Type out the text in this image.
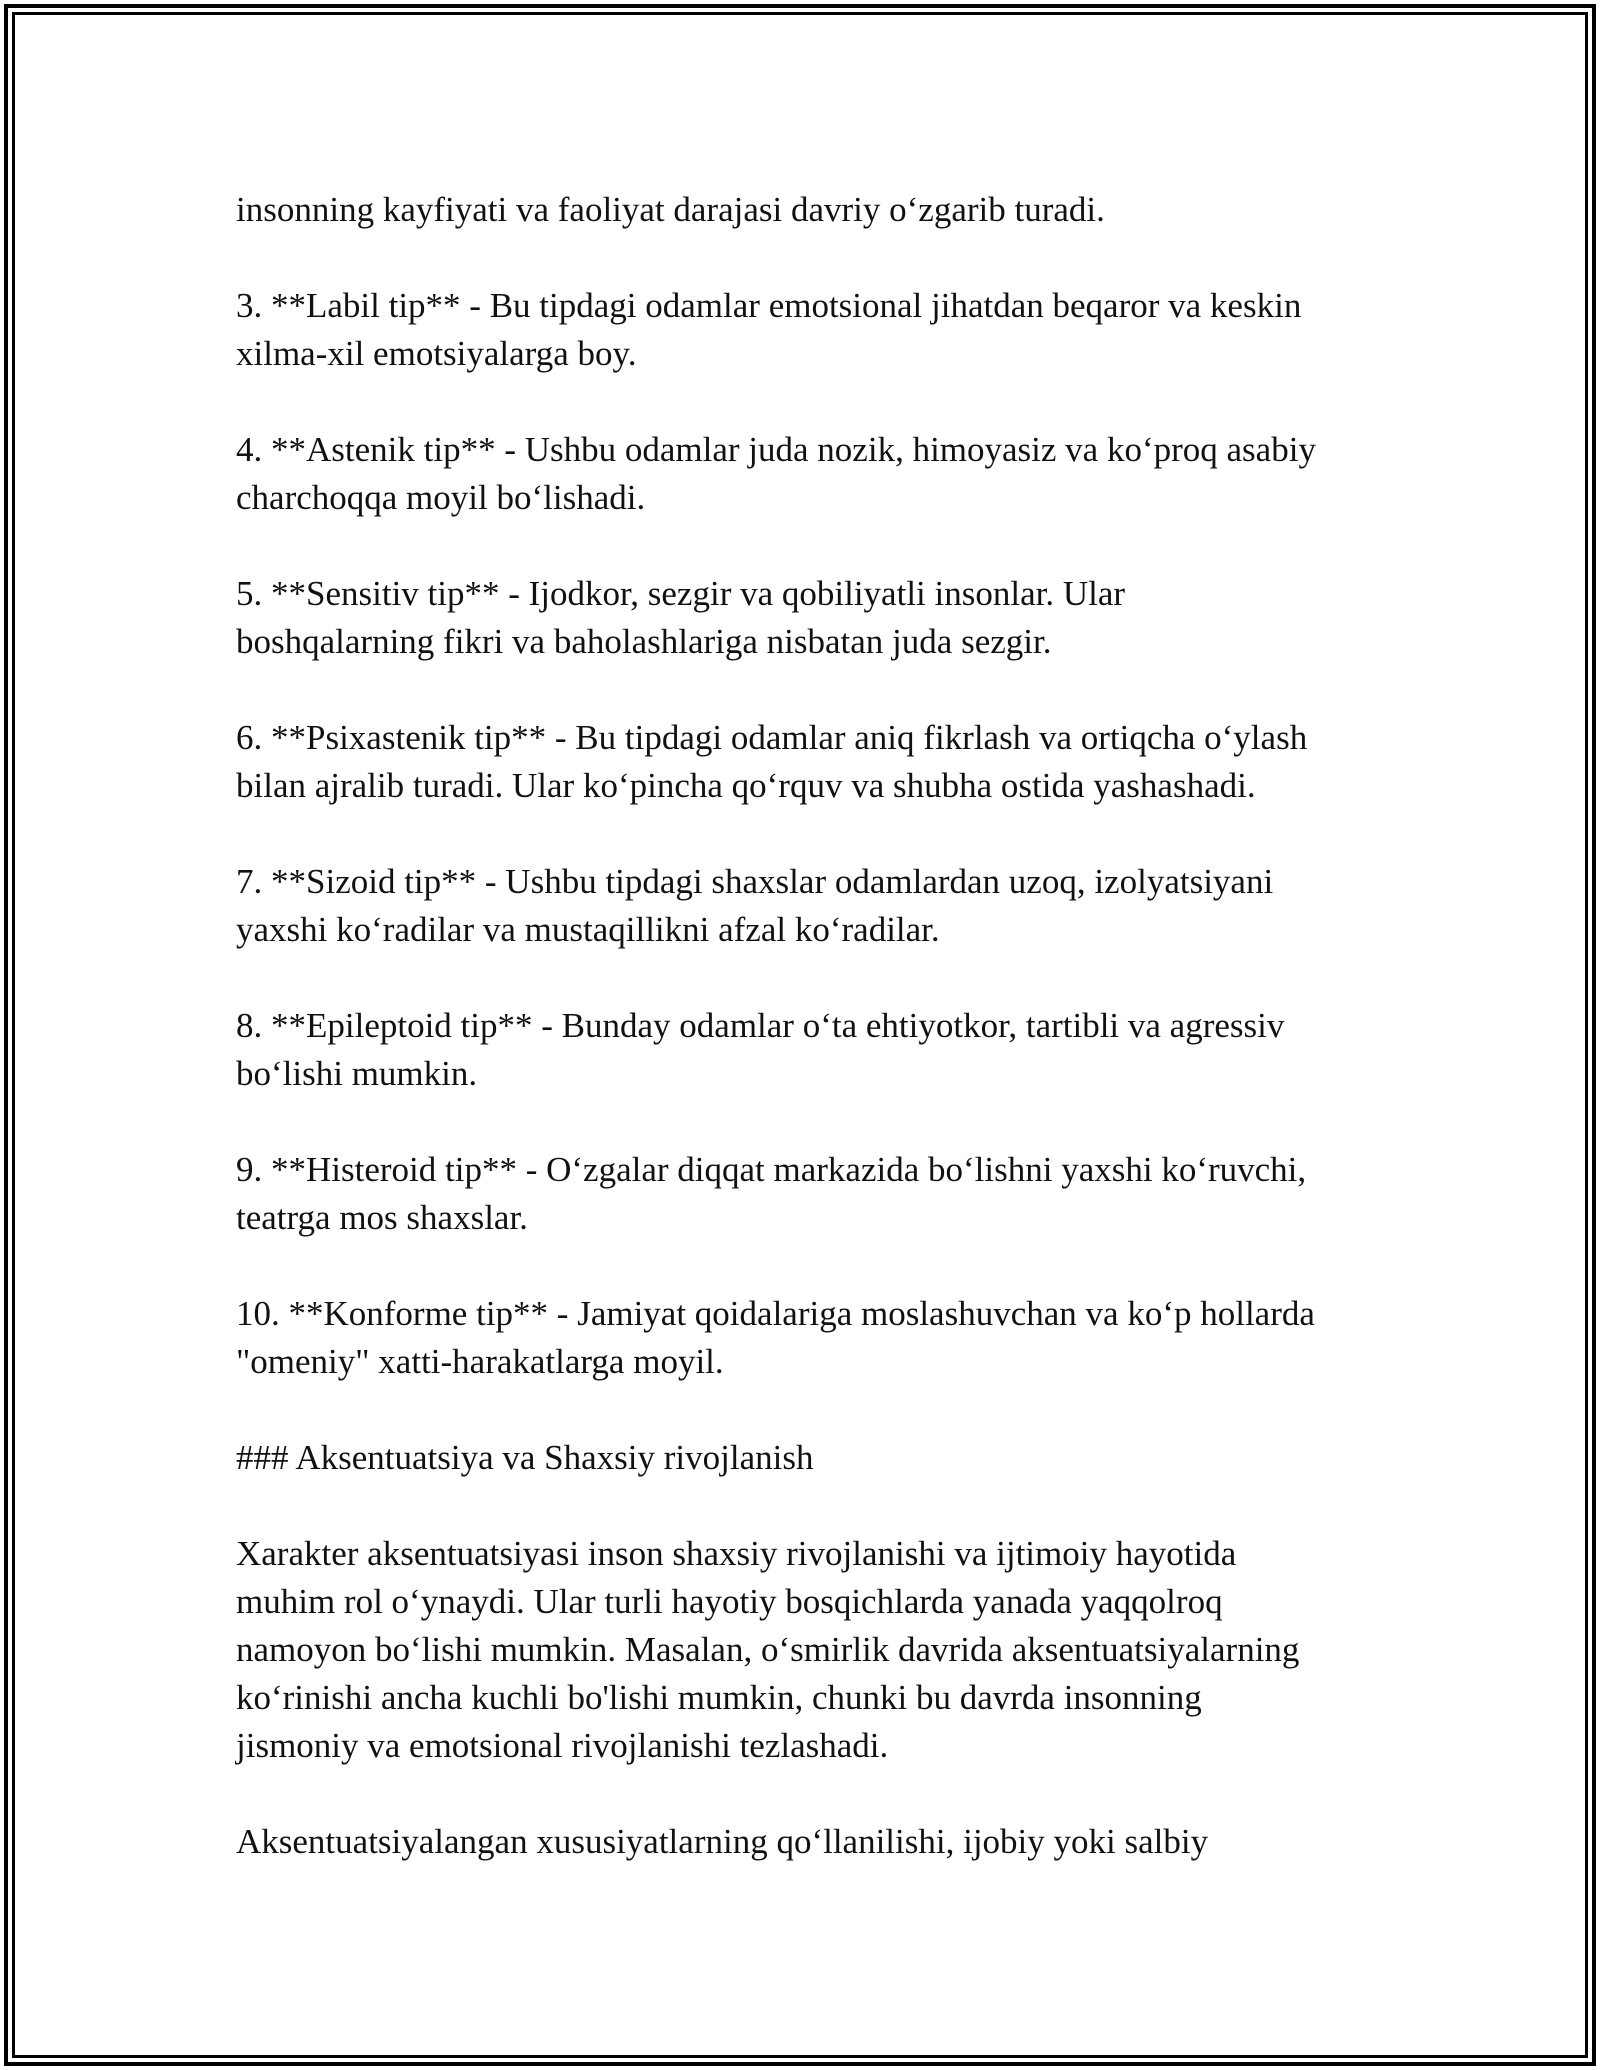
insonning kayfiyati va faoliyat darajasi davriy o‘zgarib turadi.

3. **Labil tip** - Bu tipdagi odamlar emotsional jihatdan beqaror va keskin
xilma-xil emotsiyalarga boy.

4. **Astenik tip** - Ushbu odamlar juda nozik, himoyasiz va ko‘proq asabiy
charchoqqa moyil bo‘lishadi.

5. **Sensitiv tip** - Ijodkor, sezgir va qobiliyatli insonlar. Ular
boshqalarning fikri va baholashlariga nisbatan juda sezgir.

6. **Psixastenik tip** - Bu tipdagi odamlar aniq fikrlash va ortiqcha o‘ylash
bilan ajralib turadi. Ular ko‘pincha qo‘rquv va shubha ostida yashashadi.

7. **Sizoid tip** - Ushbu tipdagi shaxslar odamlardan uzoq, izolyatsiyani
yaxshi ko‘radilar va mustaqillikni afzal ko‘radilar.

8. **Epileptoid tip** - Bunday odamlar o‘ta ehtiyotkor, tartibli va agressiv
bo‘lishi mumkin.

9. **Histeroid tip** - O‘zgalar diqqat markazida bo‘lishni yaxshi ko‘ruvchi,
teatrga mos shaxslar.

10. **Konforme tip** - Jamiyat qoidalariga moslashuvchan va ko‘p hollarda
"omeniy" xatti-harakatlarga moyil.

### Aksentuatsiya va Shaxsiy rivojlanish

Xarakter aksentuatsiyasi inson shaxsiy rivojlanishi va ijtimoiy hayotida
muhim rol o‘ynaydi. Ular turli hayotiy bosqichlarda yanada yaqqolroq
namoyon bo‘lishi mumkin. Masalan, o‘smirlik davrida aksentuatsiyalarning
ko‘rinishi ancha kuchli bo'lishi mumkin, chunki bu davrda insonning
jismoniy va emotsional rivojlanishi tezlashadi.

Aksentuatsiyalangan xususiyatlarning qo‘llanilishi, ijobiy yoki salbiy
